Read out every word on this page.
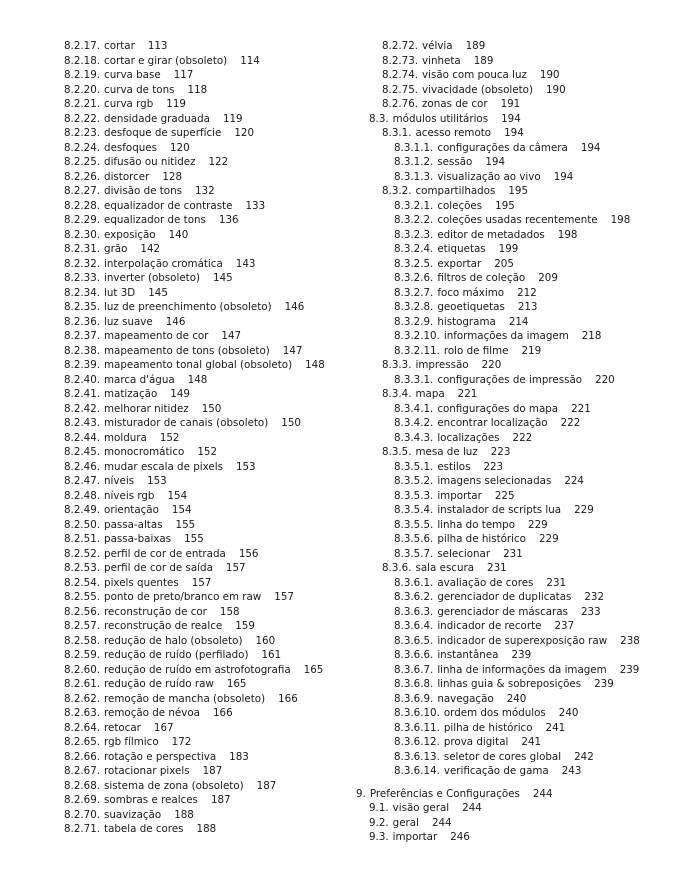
8.2.17. cortar 113
8.2.18. cortar e girar (obsoleto) 114
8.2.19. curva base 117
8.2.20. curva de tons 118
8.2.21. curva rgb 119
8.2.22. densidade graduada 119
8.2.23. desfoque de superfície 120
8.2.24. desfoques 120
8.2.25. difusão ou nitidez 122
8.2.26. distorcer 128
8.2.27. divisão de tons 132
8.2.28. equalizador de contraste 133
8.2.29. equalizador de tons 136
8.2.30. exposição 140
8.2.31. grão 142
8.2.32. interpolação cromática 143
8.2.33. inverter (obsoleto) 145
8.2.34. lut 3D 145
8.2.35. luz de preenchimento (obsoleto) 146
8.2.36. luz suave 146
8.2.37. mapeamento de cor 147
8.2.38. mapeamento de tons (obsoleto) 147
8.2.39. mapeamento tonal global (obsoleto) 148
8.2.40. marca d'água 148
8.2.41. matização 149
8.2.42. melhorar nitidez 150
8.2.43. misturador de canais (obsoleto) 150
8.2.44. moldura 152
8.2.45. monocromático 152
8.2.46. mudar escala de pixels 153
8.2.47. níveis 153
8.2.48. níveis rgb 154
8.2.49. orientação 154
8.2.50. passa-altas 155
8.2.51. passa-baixas 155
8.2.52. perfil de cor de entrada 156
8.2.53. perfil de cor de saída 157
8.2.54. pixels quentes 157
8.2.55. ponto de preto/branco em raw 157
8.2.56. reconstrução de cor 158
8.2.57. reconstrução de realce 159
8.2.58. redução de halo (obsoleto) 160
8.2.59. redução de ruído (perfilado) 161
8.2.60. redução de ruído em astrofotografia 165
8.2.61. redução de ruído raw 165
8.2.62. remoção de mancha (obsoleto) 166
8.2.63. remoção de névoa 166
8.2.64. retocar 167
8.2.65. rgb fílmico 172
8.2.66. rotação e perspectiva 183
8.2.67. rotacionar pixels 187
8.2.68. sistema de zona (obsoleto) 187
8.2.69. sombras e realces 187
8.2.70. suavização 188
8.2.71. tabela de cores 188
8.2.72. vélvia 189
8.2.73. vinheta 189
8.2.74. visão com pouca luz 190
8.2.75. vivacidade (obsoleto) 190
8.2.76. zonas de cor 191
8.3. módulos utilitários 194
8.3.1. acesso remoto 194
8.3.1.1. configurações da câmera 194
8.3.1.2. sessão 194
8.3.1.3. visualização ao vivo 194
8.3.2. compartilhados 195
8.3.2.1. coleções 195
8.3.2.2. coleções usadas recentemente 198
8.3.2.3. editor de metadados 198
8.3.2.4. etiquetas 199
8.3.2.5. exportar 205
8.3.2.6. filtros de coleção 209
8.3.2.7. foco máximo 212
8.3.2.8. geoetiquetas 213
8.3.2.9. histograma 214
8.3.2.10. informações da imagem 218
8.3.2.11. rolo de filme 219
8.3.3. impressão 220
8.3.3.1. configurações de impressão 220
8.3.4. mapa 221
8.3.4.1. configurações do mapa 221
8.3.4.2. encontrar localização 222
8.3.4.3. localizações 222
8.3.5. mesa de luz 223
8.3.5.1. estilos 223
8.3.5.2. imagens selecionadas 224
8.3.5.3. importar 225
8.3.5.4. instalador de scripts lua 229
8.3.5.5. linha do tempo 229
8.3.5.6. pilha de histórico 229
8.3.5.7. selecionar 231
8.3.6. sala escura 231
8.3.6.1. avaliação de cores 231
8.3.6.2. gerenciador de duplicatas 232
8.3.6.3. gerenciador de máscaras 233
8.3.6.4. indicador de recorte 237
8.3.6.5. indicador de superexposição raw 238
8.3.6.6. instantânea 239
8.3.6.7. linha de informações da imagem 239
8.3.6.8. linhas guia & sobreposições 239
8.3.6.9. navegação 240
8.3.6.10. ordem dos módulos 240
8.3.6.11. pilha de histórico 241
8.3.6.12. prova digital 241
8.3.6.13. seletor de cores global 242
8.3.6.14. verificação de gama 243
9. Preferências e Configurações 244
9.1. visão geral 244
9.2. geral 244
9.3. importar 246
